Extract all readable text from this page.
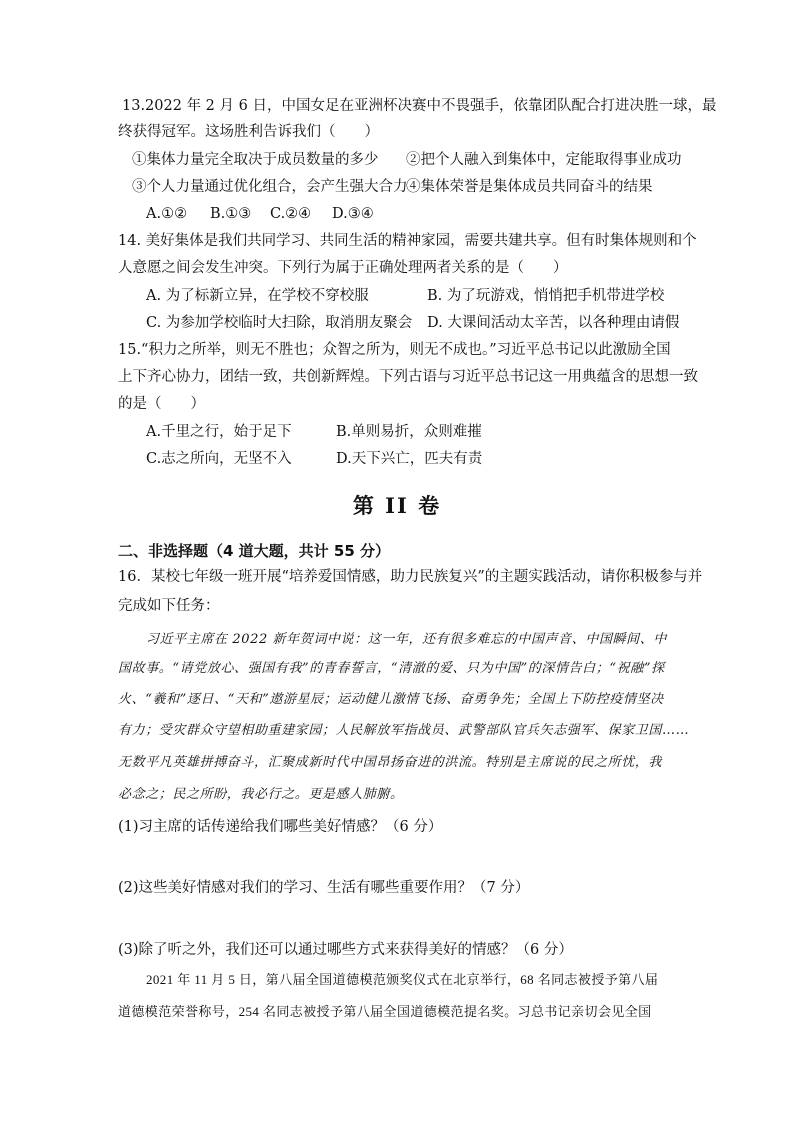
13.2022 年 2 月 6 日，中国女足在亚洲杯决赛中不畏强手，依靠团队配合打进决胜一球，最
终获得冠军。这场胜利告诉我们（　　）
①集体力量完全取决于成员数量的多少 ②把个人融入到集体中，定能取得事业成功
③个人力量通过优化组合，会产生强大合力
④集体荣誉是集体成员共同奋斗的结果
A.①② B.①③ C.②④ D.③④
14. 美好集体是我们共同学习、共同生活的精神家园，需要共建共享。但有时集体规则和个
人意愿之间会发生冲突。下列行为属于正确处理两者关系的是（　　）
A. 为了标新立异，在学校不穿校服	B. 为了玩游戏，悄悄把手机带进学校
C. 为参加学校临时大扫除，取消朋友聚会 D. 大课间活动太辛苦，以各种理由请假
15.“积力之所举，则无不胜也；众智之所为，则无不成也。”习近平总书记以此激励全国
上下齐心协力，团结一致，共创新辉煌。下列古语与习近平总书记这一用典蕴含的思想一致
的是（　　）
A.千里之行，始于足下	B.单则易折，众则难摧
C.志之所向，无坚不入	D.天下兴亡，匹夫有责
第 II 卷
二、非选择题（4 道大题，共计 55 分）
16．某校七年级一班开展“培养爱国情感，助力民族复兴”的主题实践活动，请你积极参与并
完成如下任务：
习近平主席在 2022 新年贺词中说：这一年，还有很多难忘的中国声音、中国瞬间、中
国故事。“请党放心、强国有我”的青春誓言，“清澈的爱、只为中国”的深情告白；“祝融”探
火、“羲和”逐日、“天和”遨游星辰；运动健儿激情飞扬、奋勇争先；全国上下防控疫情坚决
有力；受灾群众守望相助重建家园；人民解放军指战员、武警部队官兵矢志强军、保家卫国……
无数平凡英雄拼搏奋斗，汇聚成新时代中国昂扬奋进的洪流。特别是主席说的民之所忧，我
必念之；民之所盼，我必行之。更是感人肺腑。
(1)习主席的话传递给我们哪些美好情感？（6 分）
(2)这些美好情感对我们的学习、生活有哪些重要作用？（7 分）
(3)除了听之外，我们还可以通过哪些方式来获得美好的情感？（6 分）
2021 年 11 月 5 日，第八届全国道德模范颁奖仪式在北京举行，68 名同志被授予第八届
道德模范荣誉称号，254 名同志被授予第八届全国道德模范提名奖。习总书记亲切会见全国
